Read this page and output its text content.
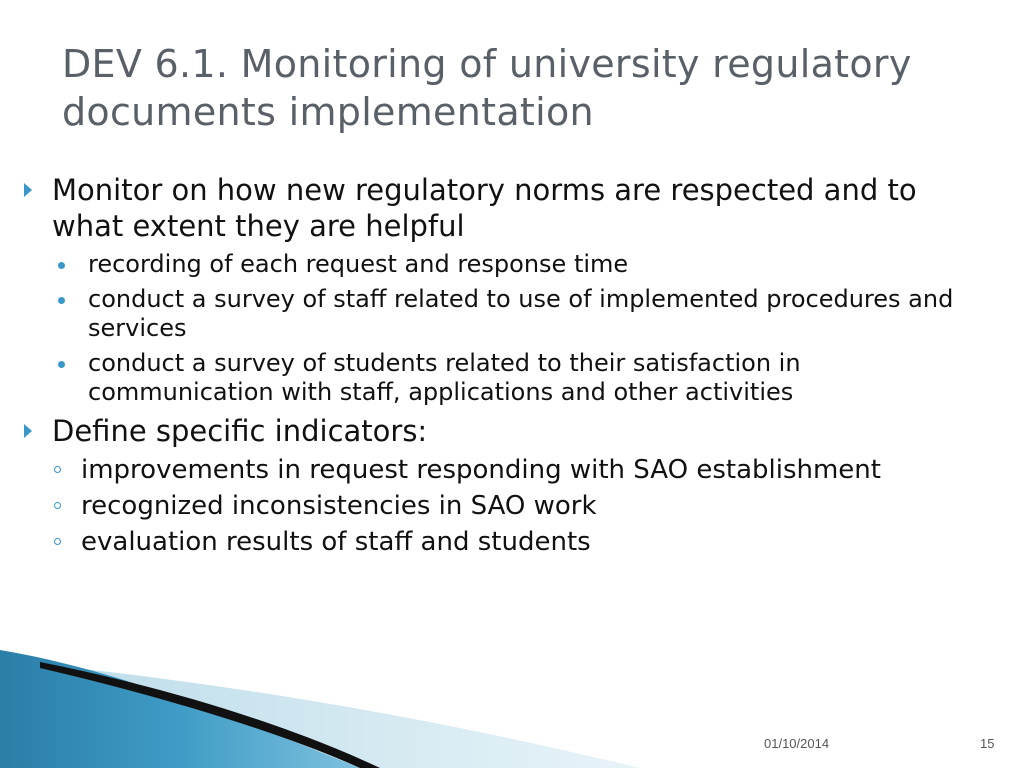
DEV 6.1. Monitoring of university regulatory documents implementation
Monitor on how new regulatory norms are respected and to what extent they are helpful
recording of each request and response time
conduct a survey of staff related to use of implemented procedures and services
conduct a survey of students related to their satisfaction in communication with staff, applications and other activities
Define specific indicators:
improvements in request responding with SAO establishment
recognized inconsistencies in SAO work
evaluation results of staff and students
01/10/2014	15
